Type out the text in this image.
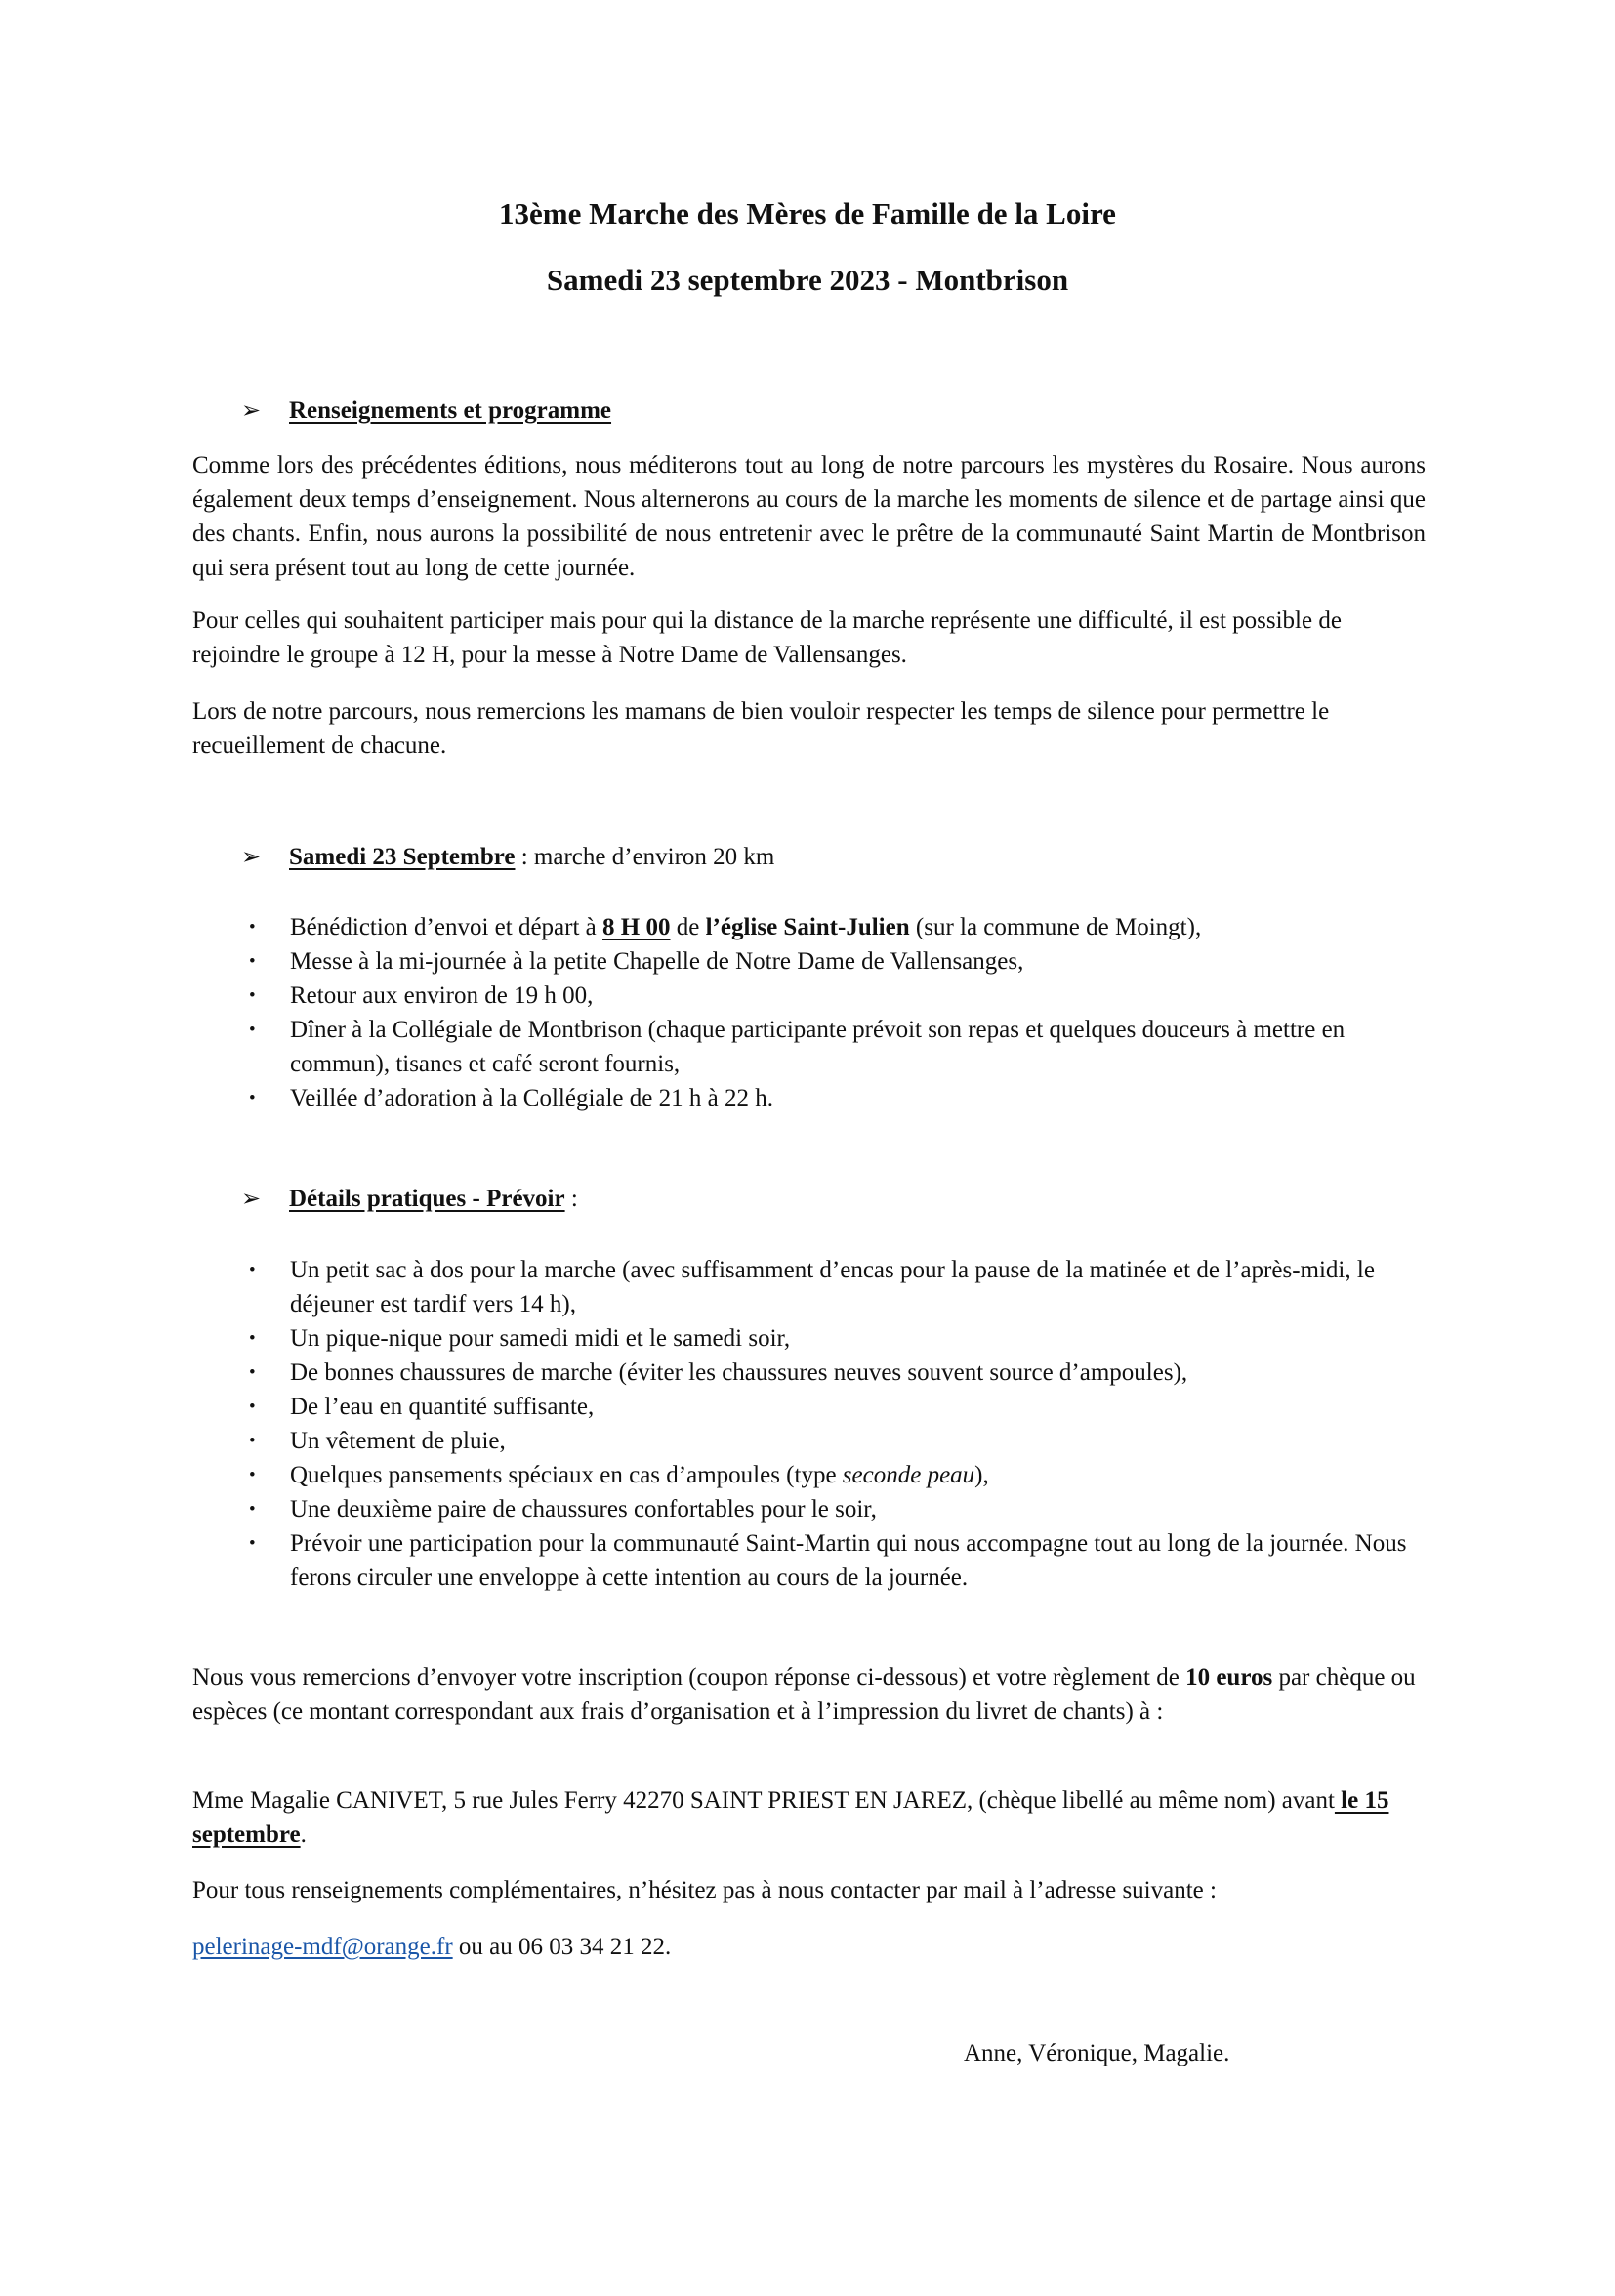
13ème Marche des Mères de Famille de la Loire
Samedi 23 septembre 2023 - Montbrison
➢	Renseignements et programme

Comme lors des précédentes éditions, nous méditerons tout au long de notre parcours les mystères du Rosaire. Nous aurons également deux temps d’enseignement. Nous alternerons au cours de la marche les moments de silence et de partage ainsi que des chants. Enfin, nous aurons la possibilité de nous entretenir avec le prêtre de la communauté Saint Martin de Montbrison qui sera présent tout au long de cette journée.

Pour celles qui souhaitent participer mais pour qui la distance de la marche représente une difficulté, il est possible de rejoindre le groupe à 12 H, pour la messe à Notre Dame de Vallensanges.

Lors de notre parcours, nous remercions les mamans de bien vouloir respecter les temps de silence pour permettre le recueillement de chacune.

➢	Samedi 23 Septembre : marche d’environ 20 km
• Bénédiction d’envoi et départ à 8 H 00 de l’église Saint-Julien (sur la commune de Moingt),
• Messe à la mi-journée à la petite Chapelle de Notre Dame de Vallensanges,
• Retour aux environ de 19 h 00,
• Dîner à la Collégiale de Montbrison (chaque participante prévoit son repas et quelques douceurs à mettre en commun), tisanes et café seront fournis,
• Veillée d’adoration à la Collégiale de 21 h à 22 h.
➢	Détails pratiques - Prévoir :
• Un petit sac à dos pour la marche (avec suffisamment d’encas pour la pause de la matinée et de l’après-midi, le déjeuner est tardif vers 14 h),
• Un pique-nique pour samedi midi et le samedi soir,
• De bonnes chaussures de marche (éviter les chaussures neuves souvent source d’ampoules),
• De l’eau en quantité suffisante,
• Un vêtement de pluie,
• Quelques pansements spéciaux en cas d’ampoules (type seconde peau),
• Une deuxième paire de chaussures confortables pour le soir,
• Prévoir une participation pour la communauté Saint-Martin qui nous accompagne tout au long de la journée. Nous ferons circuler une enveloppe à cette intention au cours de la journée.

Nous vous remercions d’envoyer votre inscription (coupon réponse ci-dessous) et votre règlement de 10 euros par chèque ou espèces (ce montant correspondant aux frais d’organisation et à l’impression du livret de chants) à :

Mme Magalie CANIVET, 5 rue Jules Ferry 42270 SAINT PRIEST EN JAREZ, (chèque libellé au même nom) avant le 15 septembre.

Pour tous renseignements complémentaires, n’hésitez pas à nous contacter par mail à l’adresse suivante :

pelerinage-mdf@orange.fr ou au 06 03 34 21 22.

Anne, Véronique, Magalie.
